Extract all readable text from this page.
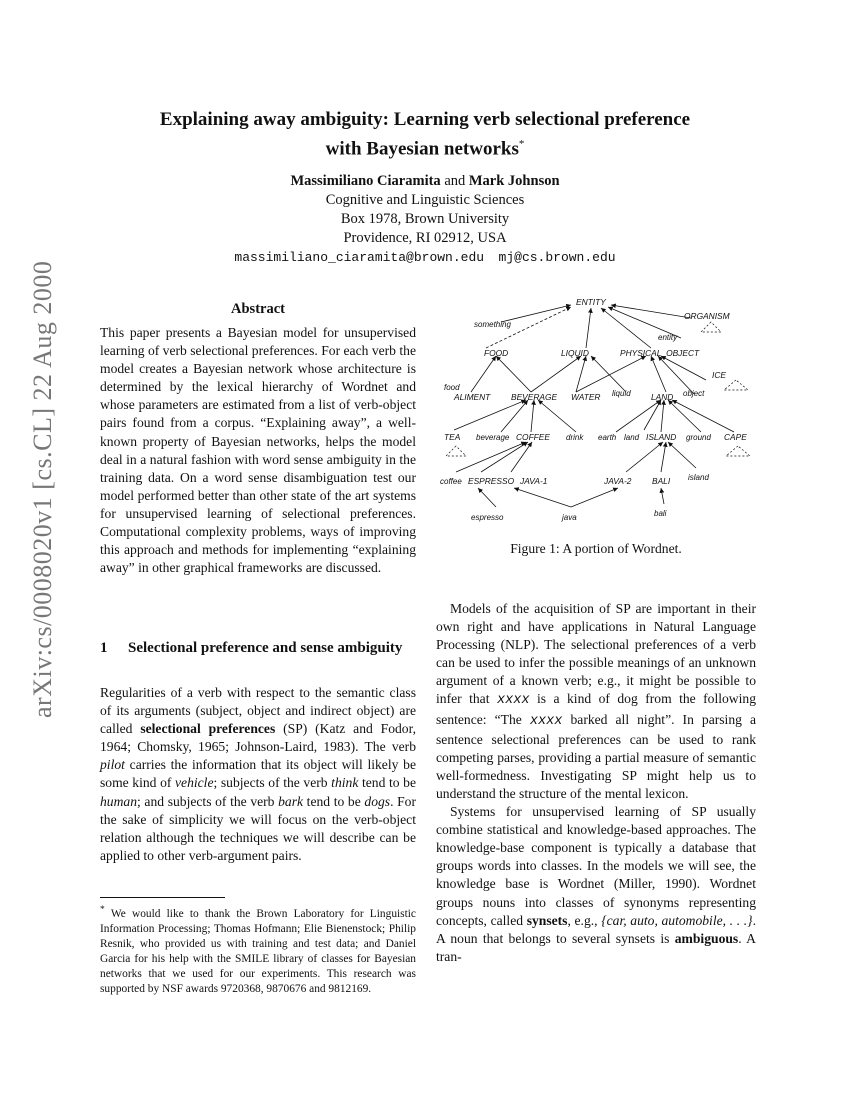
arXiv:cs/0008020v1 [cs.CL] 22 Aug 2000
Explaining away ambiguity: Learning verb selectional preference
with Bayesian networks*
Massimiliano Ciaramita and Mark Johnson
Cognitive and Linguistic Sciences
Box 1978, Brown University
Providence, RI 02912, USA
massimiliano_ciaramita@brown.edu mj@cs.brown.edu
Abstract

This paper presents a Bayesian model for unsupervised learning of verb selectional preferences. For each verb the model creates a Bayesian network whose architecture is determined by the lexical hierarchy of Wordnet and whose parameters are estimated from a list of verb-object pairs found from a corpus. “Explaining away”, a well-known property of Bayesian networks, helps the model deal in a natural fashion with word sense ambiguity in the training data. On a word sense disambiguation test our model performed better than other state of the art systems for unsupervised learning of selectional preferences. Computational complexity problems, ways of improving this approach and methods for implementing “explaining away” in other graphical frameworks are discussed.

1 Selectional preference and sense ambiguity

Regularities of a verb with respect to the semantic class of its arguments (subject, object and indirect object) are called selectional preferences (SP) (Katz and Fodor, 1964; Chomsky, 1965; Johnson-Laird, 1983). The verb pilot carries the information that its object will likely be some kind of vehicle; subjects of the verb think tend to be human; and subjects of the verb bark tend to be dogs. For the sake of simplicity we will focus on the verb-object relation although the techniques we will describe can be applied to other verb-argument pairs.

* We would like to thank the Brown Laboratory for Linguistic Information Processing; Thomas Hofmann; Elie Bienenstock; Philip Resnik, who provided us with training and test data; and Daniel Garcia for his help with the SMILE library of classes for Bayesian networks that we used for our experiments. This research was supported by NSF awards 9720368, 9870676 and 9812169.
ENTITY
ORGANISM
something
entity
FOOD	LIQUID	PHYSICAL_OBJECT
ICE
food
ALIMENT BEVERAGE WATER liquid LAND object
TEA beverage COFFEE drink earth land ISLAND ground CAPE
coffee ESPRESSO JAVA-1	JAVA-2 BALI island
espresso	java	bali
Figure 1: A portion of Wordnet.

Models of the acquisition of SP are important in their own right and have applications in Natural Language Processing (NLP). The selectional preferences of a verb can be used to infer the possible meanings of an unknown argument of a known verb; e.g., it might be possible to infer that xxxx is a kind of dog from the following sentence: “The xxxx barked all night”. In parsing a sentence selectional preferences can be used to rank competing parses, providing a partial measure of semantic well-formedness. Investigating SP might help us to understand the structure of the mental lexicon.

Systems for unsupervised learning of SP usually combine statistical and knowledge-based approaches. The knowledge-base component is typically a database that groups words into classes. In the models we will see, the knowledge base is Wordnet (Miller, 1990). Wordnet groups nouns into classes of synonyms representing concepts, called synsets, e.g., {car, auto, automobile, . . .}. A noun that belongs to several synsets is ambiguous. A tran-
